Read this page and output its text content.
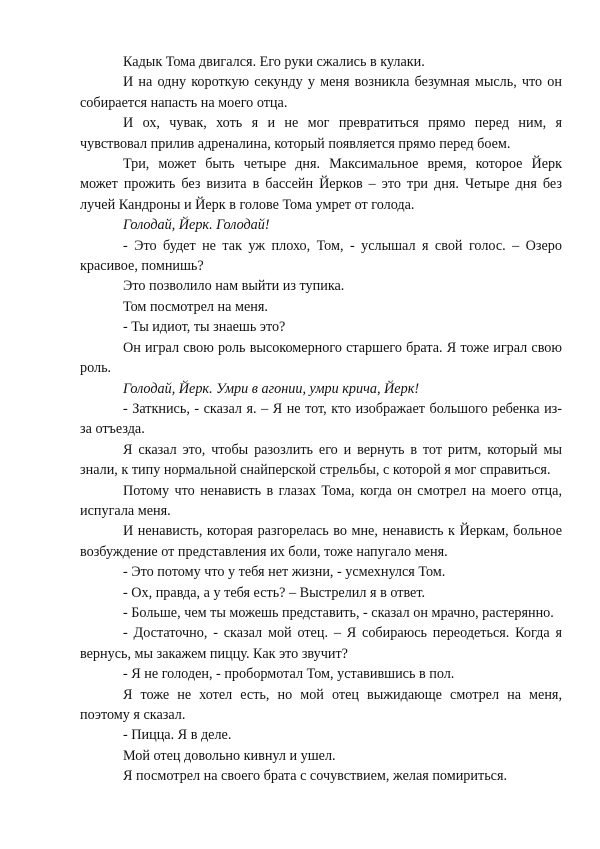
Кадык Тома двигался. Его руки сжались в кулаки.
И на одну короткую секунду у меня возникла безумная мысль, что он
собирается напасть на моего отца.
И ох, чувак, хоть я и не мог превратиться прямо перед ним, я
чувствовал прилив адреналина, который появляется прямо перед боем.
Три, может быть четыре дня. Максимальное время, которое Йерк
может прожить без визита в бассейн Йерков – это три дня. Четыре дня без
лучей Кандроны и Йерк в голове Тома умрет от голода.
Голодай, Йерк. Голодай!
- Это будет не так уж плохо, Том, - услышал я свой голос. – Озеро
красивое, помнишь?
Это позволило нам выйти из тупика.
Том посмотрел на меня.
- Ты идиот, ты знаешь это?
Он играл свою роль высокомерного старшего брата. Я тоже играл свою
роль.
Голодай, Йерк. Умри в агонии, умри крича, Йерк!
- Заткнись, - сказал я. – Я не тот, кто изображает большого ребенка из-
за отъезда.
Я сказал это, чтобы разозлить его и вернуть в тот ритм, который мы
знали, к типу нормальной снайперской стрельбы, с которой я мог справиться.
Потому что ненависть в глазах Тома, когда он смотрел на моего отца,
испугала меня.
И ненависть, которая разгорелась во мне, ненависть к Йеркам, больное
возбуждение от представления их боли, тоже напугало меня.
- Это потому что у тебя нет жизни, - усмехнулся Том.
- Ох, правда, а у тебя есть? – Выстрелил я в ответ.
- Больше, чем ты можешь представить, - сказал он мрачно, растерянно.
- Достаточно, - сказал мой отец. – Я собираюсь переодеться. Когда я
вернусь, мы закажем пиццу. Как это звучит?
- Я не голоден, - пробормотал Том, уставившись в пол.
Я тоже не хотел есть, но мой отец выжидающе смотрел на меня,
поэтому я сказал.
- Пицца. Я в деле.
Мой отец довольно кивнул и ушел.
Я посмотрел на своего брата с сочувствием, желая помириться.
